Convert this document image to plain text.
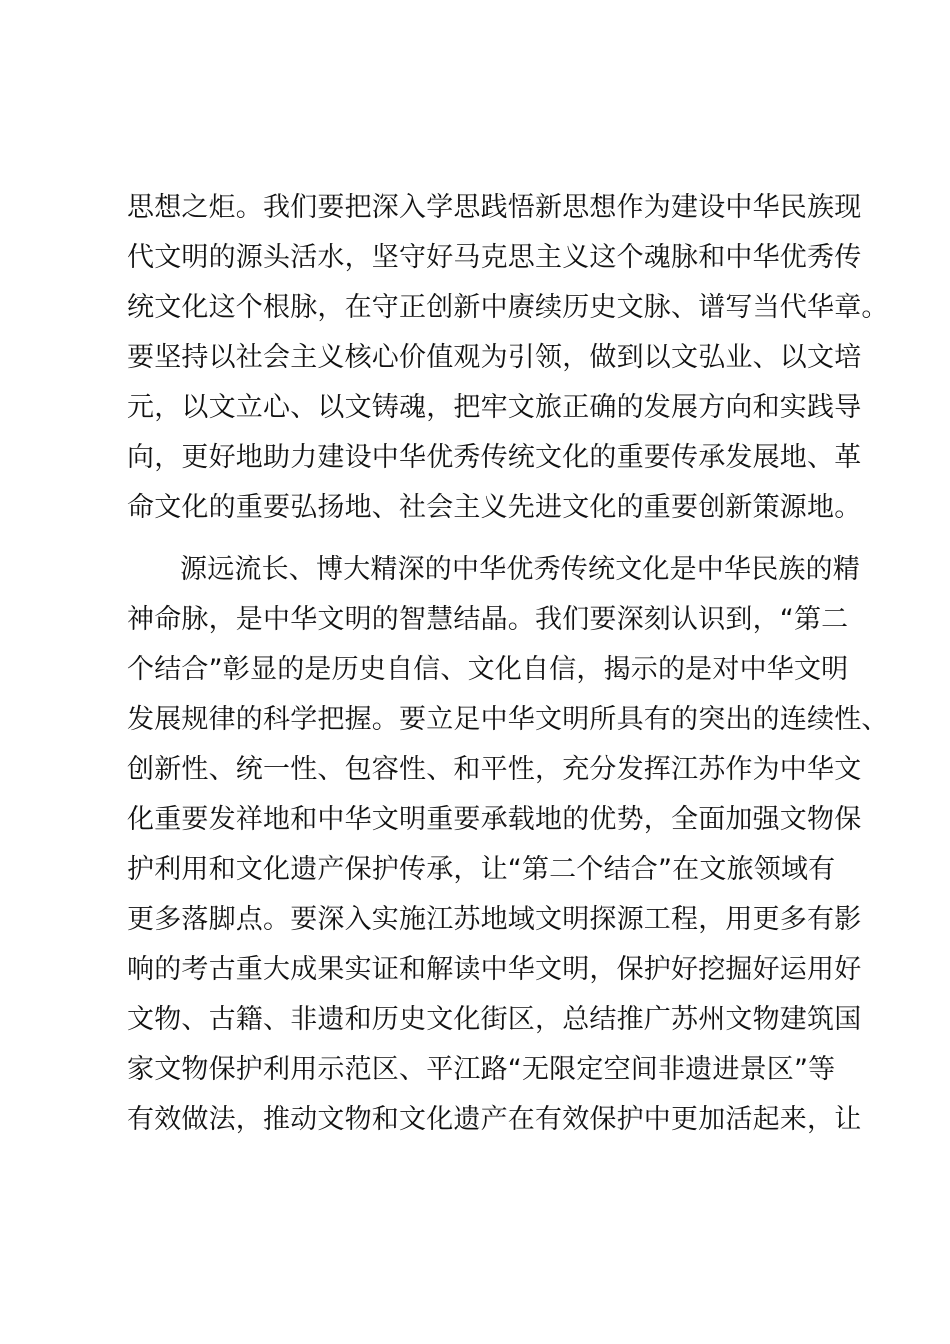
思想之炬。我们要把深入学思践悟新思想作为建设中华民族现
代文明的源头活水，坚守好马克思主义这个魂脉和中华优秀传
统文化这个根脉，在守正创新中赓续历史文脉、谱写当代华章。
要坚持以社会主义核心价值观为引领，做到以文弘业、以文培
元，以文立心、以文铸魂，把牢文旅正确的发展方向和实践导
向，更好地助力建设中华优秀传统文化的重要传承发展地、革
命文化的重要弘扬地、社会主义先进文化的重要创新策源地。
源远流长、博大精深的中华优秀传统文化是中华民族的精
神命脉，是中华文明的智慧结晶。我们要深刻认识到，“第二
个结合”彰显的是历史自信、文化自信，揭示的是对中华文明
发展规律的科学把握。要立足中华文明所具有的突出的连续性、
创新性、统一性、包容性、和平性，充分发挥江苏作为中华文
化重要发祥地和中华文明重要承载地的优势，全面加强文物保
护利用和文化遗产保护传承，让“第二个结合”在文旅领域有
更多落脚点。要深入实施江苏地域文明探源工程，用更多有影
响的考古重大成果实证和解读中华文明，保护好挖掘好运用好
文物、古籍、非遗和历史文化街区，总结推广苏州文物建筑国
家文物保护利用示范区、平江路“无限定空间非遗进景区”等
有效做法，推动文物和文化遗产在有效保护中更加活起来，让
